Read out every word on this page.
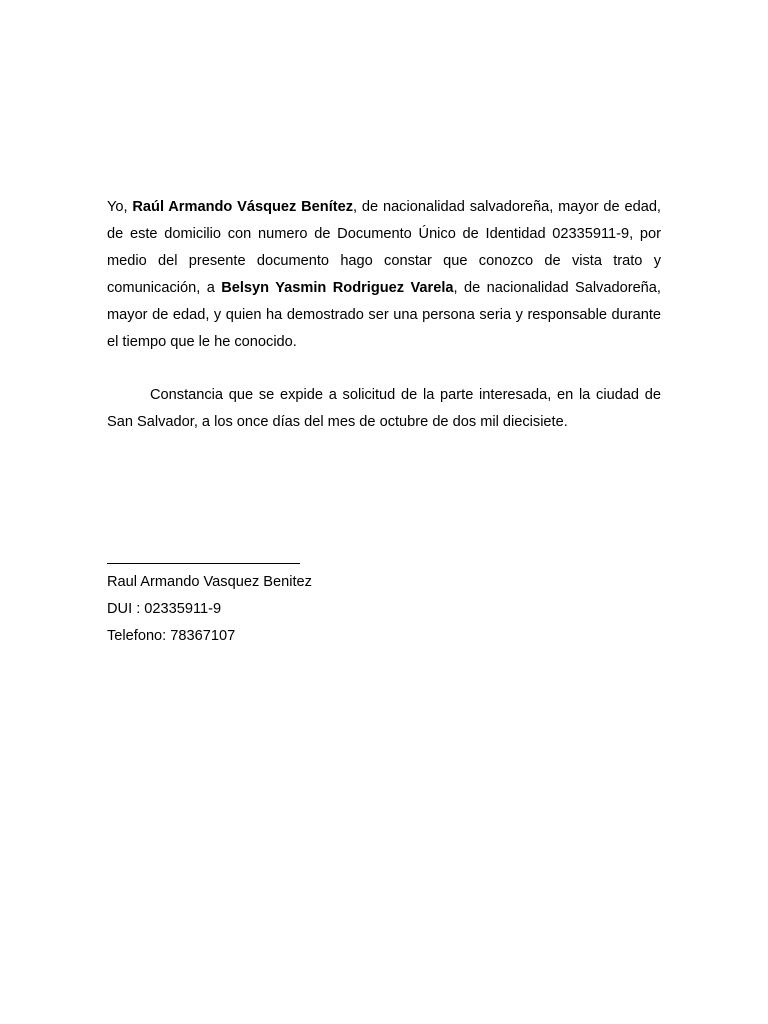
Yo, Raúl Armando Vásquez Benítez, de nacionalidad salvadoreña, mayor de edad, de este domicilio con numero de Documento Único de Identidad 02335911-9, por medio del presente documento hago constar que conozco de vista trato y comunicación, a Belsyn Yasmin Rodriguez Varela, de nacionalidad Salvadoreña, mayor de edad, y quien ha demostrado ser una persona seria y responsable durante el tiempo que le he conocido.

Constancia que se expide a solicitud de la parte interesada, en la ciudad de San Salvador, a los once días del mes de octubre de dos mil diecisiete.

Raul Armando Vasquez Benitez

DUI : 02335911-9

Telefono: 78367107
